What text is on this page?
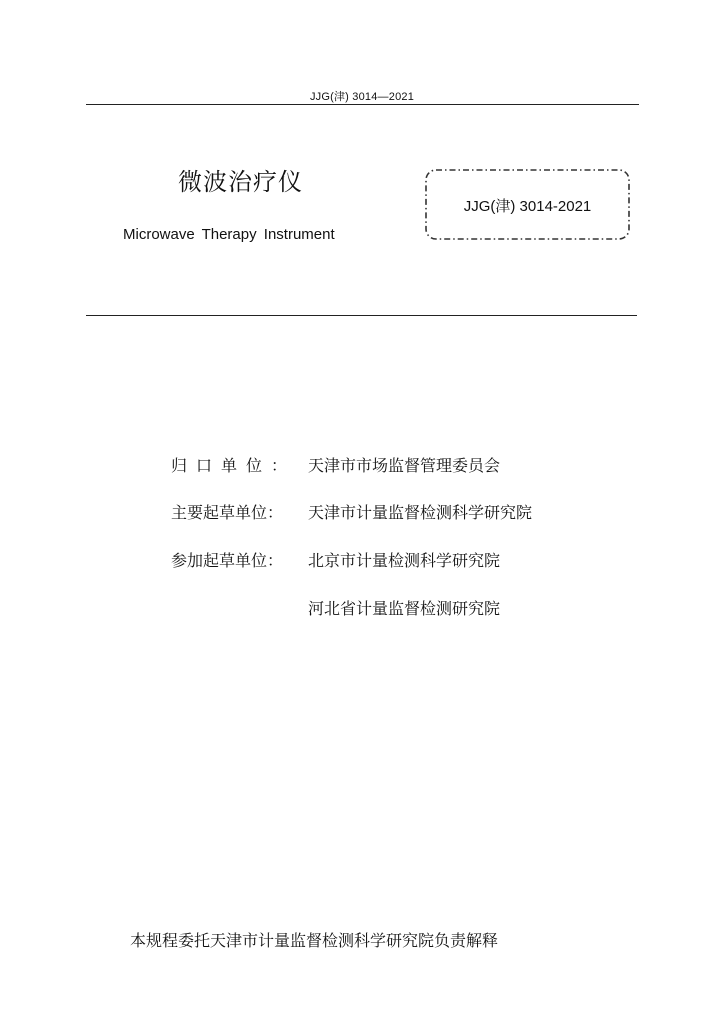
JJG(津) 3014—2021
微波治疗仪
Microwave Therapy Instrument
JJG(津) 3014-2021
归口单位： 天津市市场监督管理委员会
主要起草单位：	天津市计量监督检测科学研究院
参加起草单位：	北京市计量检测科学研究院
河北省计量监督检测研究院
本规程委托天津市计量监督检测科学研究院负责解释
